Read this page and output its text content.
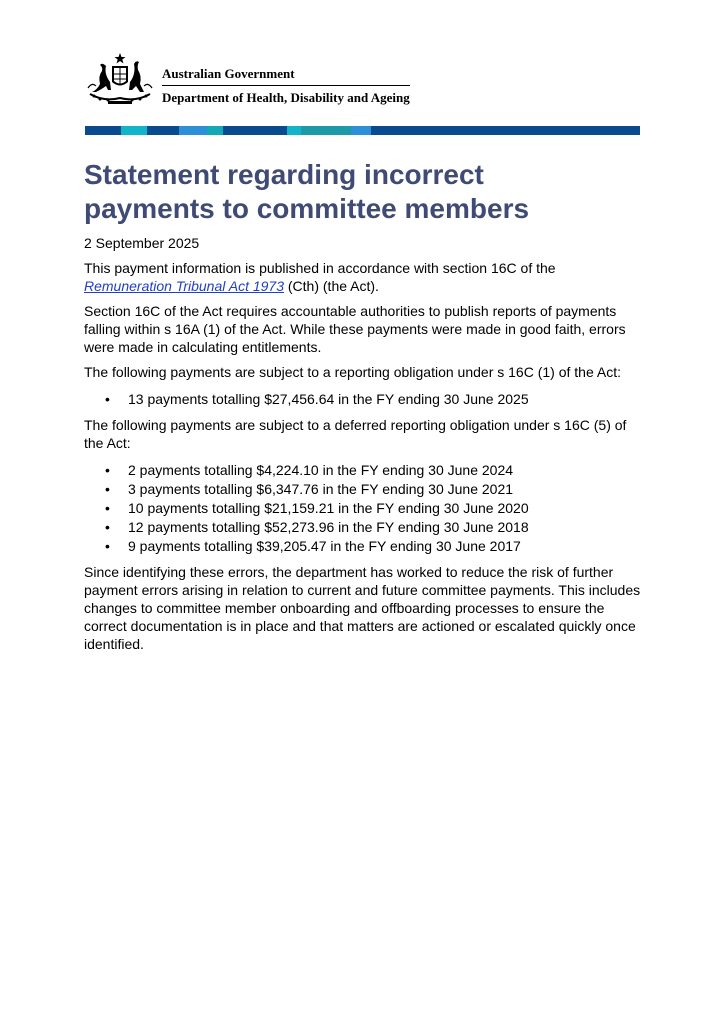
Australian Government
Department of Health, Disability and Ageing
Statement regarding incorrect
payments to committee members
2 September 2025

This payment information is published in accordance with section 16C of the Remuneration Tribunal Act 1973 (Cth) (the Act).

Section 16C of the Act requires accountable authorities to publish reports of payments falling within s 16A (1) of the Act. While these payments were made in good faith, errors were made in calculating entitlements.

The following payments are subject to a reporting obligation under s 16C (1) of the Act:

• 13 payments totalling $27,456.64 in the FY ending 30 June 2025

The following payments are subject to a deferred reporting obligation under s 16C (5) of the Act:

• 2 payments totalling $4,224.10 in the FY ending 30 June 2024
• 3 payments totalling $6,347.76 in the FY ending 30 June 2021
• 10 payments totalling $21,159.21 in the FY ending 30 June 2020
• 12 payments totalling $52,273.96 in the FY ending 30 June 2018
• 9 payments totalling $39,205.47 in the FY ending 30 June 2017

Since identifying these errors, the department has worked to reduce the risk of further payment errors arising in relation to current and future committee payments. This includes changes to committee member onboarding and offboarding processes to ensure the correct documentation is in place and that matters are actioned or escalated quickly once identified.
